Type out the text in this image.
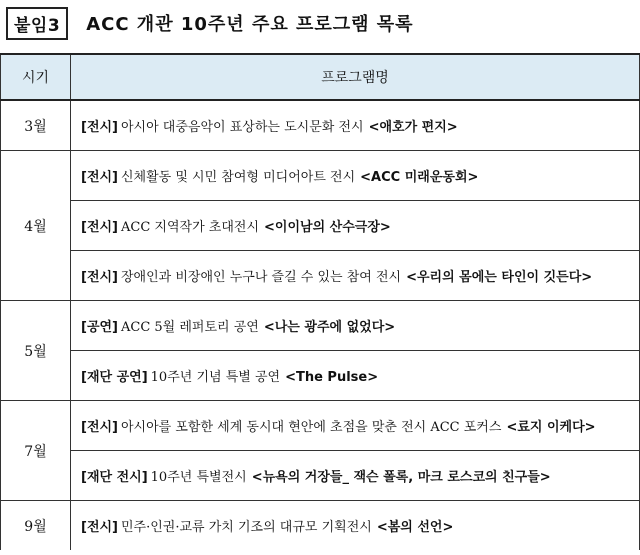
붙임3	ACC 개관 10주년 주요 프로그램 목록
시기	프로그램명
3월	[전시] 아시아 대중음악이 표상하는 도시문화 전시 <애호가 편지>
4월	[전시] 신체활동 및 시민 참여형 미디어아트 전시 <ACC 미래운동회>
	[전시] ACC 지역작가 초대전시 <이이남의 산수극장>
	[전시] 장애인과 비장애인 누구나 즐길 수 있는 참여 전시 <우리의 몸에는 타인이 깃든다>
5월	[공연] ACC 5월 레퍼토리 공연 <나는 광주에 없었다>
	[재단 공연] 10주년 기념 특별 공연 <The Pulse>
7월	[전시] 아시아를 포함한 세계 동시대 현안에 초점을 맞춘 전시 ACC 포커스 <료지 이케다>
	[재단 전시] 10주년 특별전시 <뉴욕의 거장들_ 잭슨 폴록, 마크 로스코의 친구들>
9월	[전시] 민주·인권·교류 가치 기조의 대규모 기획전시 <봄의 선언>
